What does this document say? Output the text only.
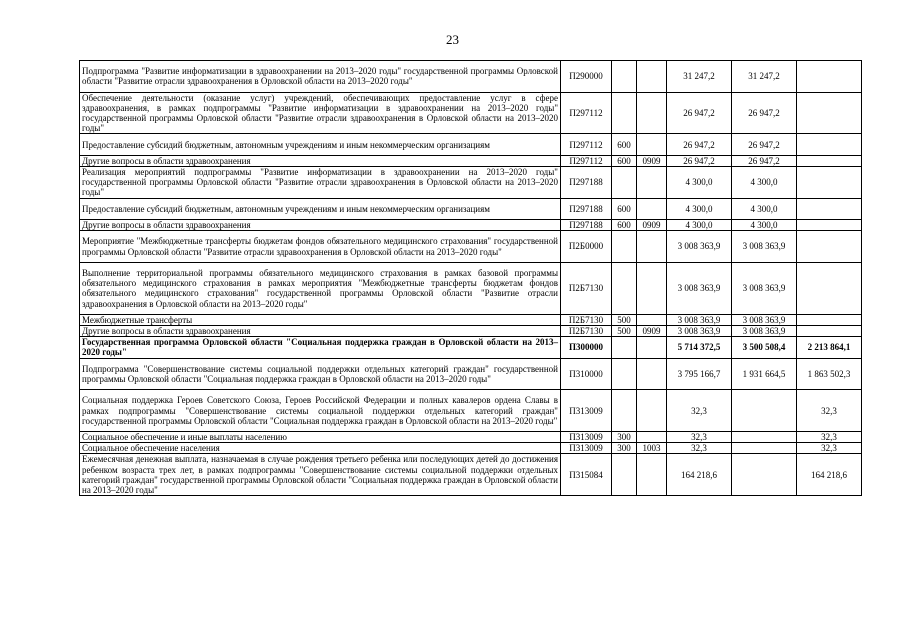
23
Подпрограмма "Развитие информатизации в здравоохранении на 2013–2020 годы" государственной программы Орловской области "Развитие отрасли здравоохранения в Орловской области на 2013–2020 годы"	П290000			31 247,2	31 247,2	
Обеспечение деятельности (оказание услуг) учреждений, обеспечивающих предоставление услуг в сфере здравоохранения, в рамках подпрограммы "Развитие информатизации в здравоохранении на 2013–2020 годы" государственной программы Орловской области "Развитие отрасли здравоохранения в Орловской области на 2013–2020 годы"	П297112			26 947,2	26 947,2	
Предоставление субсидий бюджетным, автономным учреждениям и иным некоммерческим организациям	П297112	600		26 947,2	26 947,2	
Другие вопросы в области здравоохранения	П297112	600	0909	26 947,2	26 947,2	
Реализация мероприятий подпрограммы "Развитие информатизации в здравоохранении на 2013–2020 годы" государственной программы Орловской области "Развитие отрасли здравоохранения в Орловской области на 2013–2020 годы"	П297188			4 300,0	4 300,0	
Предоставление субсидий бюджетным, автономным учреждениям и иным некоммерческим организациям	П297188	600		4 300,0	4 300,0	
Другие вопросы в области здравоохранения	П297188	600	0909	4 300,0	4 300,0	
Мероприятие "Межбюджетные трансферты бюджетам фондов обязательного медицинского страхования" государственной программы Орловской области "Развитие отрасли здравоохранения в Орловской области на 2013–2020 годы"	П2Б0000			3 008 363,9	3 008 363,9	
Выполнение территориальной программы обязательного медицинского страхования в рамках базовой программы обязательного медицинского страхования в рамках мероприятия "Межбюджетные трансферты бюджетам фондов обязательного медицинского страхования" государственной программы Орловской области "Развитие отрасли здравоохранения в Орловской области на 2013–2020 годы"	П2Б7130			3 008 363,9	3 008 363,9	
Межбюджетные трансферты	П2Б7130	500		3 008 363,9	3 008 363,9	
Другие вопросы в области здравоохранения	П2Б7130	500	0909	3 008 363,9	3 008 363,9	
Государственная программа Орловской области "Социальная поддержка граждан в Орловской области на 2013–2020 годы"	П300000			5 714 372,5	3 500 508,4	2 213 864,1
Подпрограмма "Совершенствование системы социальной поддержки отдельных категорий граждан" государственной программы Орловской области "Социальная поддержка граждан в Орловской области на 2013–2020 годы"	П310000			3 795 166,7	1 931 664,5	1 863 502,3
Социальная поддержка Героев Советского Союза, Героев Российской Федерации и полных кавалеров ордена Славы в рамках подпрограммы "Совершенствование системы социальной поддержки отдельных категорий граждан" государственной программы Орловской области "Социальная поддержка граждан в Орловской области на 2013–2020 годы"	П313009			32,3		32,3
Социальное обеспечение и иные выплаты населению	П313009	300		32,3		32,3
Социальное обеспечение населения	П313009	300	1003	32,3		32,3
Ежемесячная денежная выплата, назначаемая в случае рождения третьего ребенка или последующих детей до достижения ребенком возраста трех лет, в рамках подпрограммы "Совершенствование системы социальной поддержки отдельных категорий граждан" государственной программы Орловской области "Социальная поддержка граждан в Орловской области на 2013–2020 годы"	П315084			164 218,6		164 218,6
